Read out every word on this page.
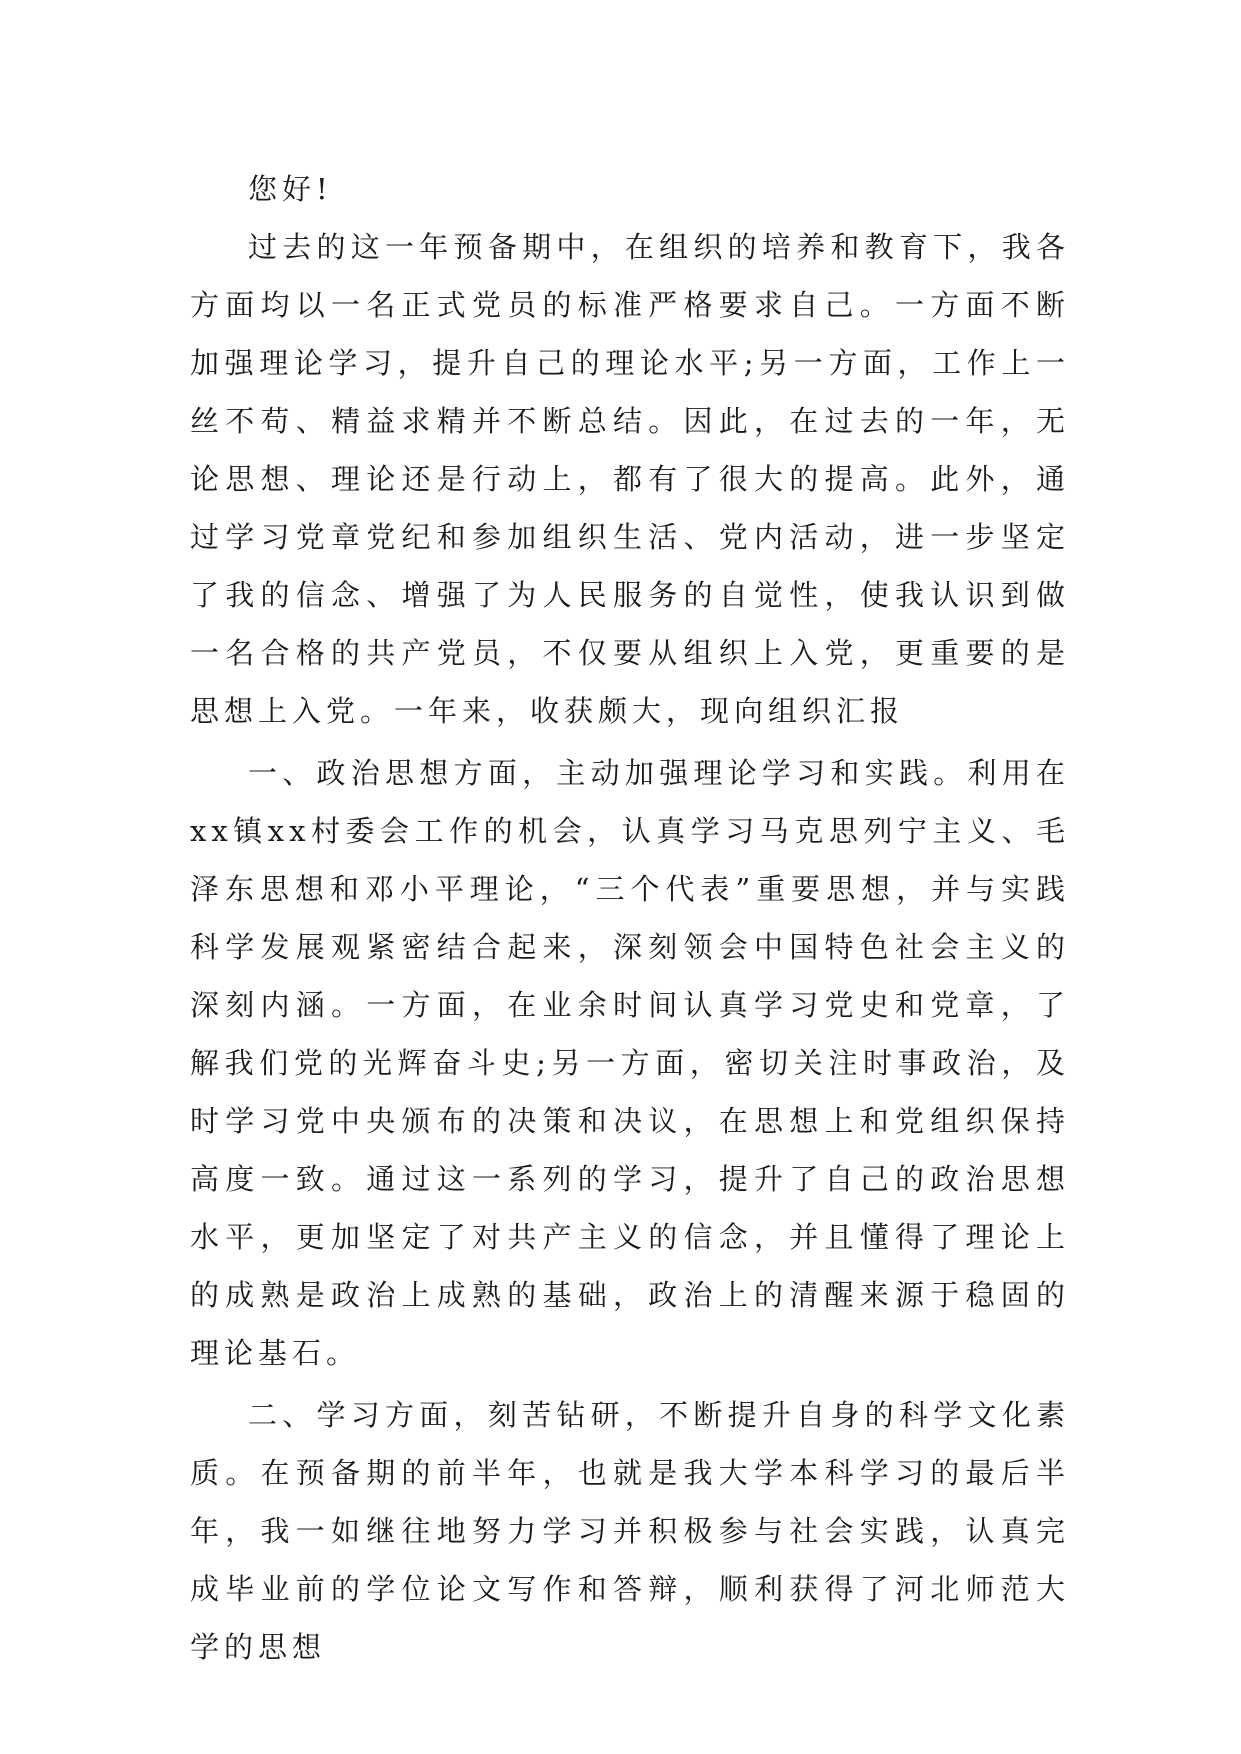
您好!

过去的这一年预备期中，在组织的培养和教育下，我各方面均以一名正式党员的标准严格要求自己。一方面不断加强理论学习，提升自己的理论水平;另一方面，工作上一丝不苟、精益求精并不断总结。因此，在过去的一年，无论思想、理论还是行动上，都有了很大的提高。此外，通过学习党章党纪和参加组织生活、党内活动，进一步坚定了我的信念、增强了为人民服务的自觉性，使我认识到做一名合格的共产党员，不仅要从组织上入党，更重要的是思想上入党。一年来，收获颇大，现向组织汇报

一、政治思想方面，主动加强理论学习和实践。利用在xx镇xx村委会工作的机会，认真学习马克思列宁主义、毛泽东思想和邓小平理论，“三个代表”重要思想，并与实践科学发展观紧密结合起来，深刻领会中国特色社会主义的深刻内涵。一方面，在业余时间认真学习党史和党章，了解我们党的光辉奋斗史;另一方面，密切关注时事政治，及时学习党中央颁布的决策和决议，在思想上和党组织保持高度一致。通过这一系列的学习，提升了自己的政治思想水平，更加坚定了对共产主义的信念，并且懂得了理论上的成熟是政治上成熟的基础，政治上的清醒来源于稳固的理论基石。

二、学习方面，刻苦钻研，不断提升自身的科学文化素质。在预备期的前半年，也就是我大学本科学习的最后半年，我一如继往地努力学习并积极参与社会实践，认真完成毕业前的学位论文写作和答辩，顺利获得了河北师范大学的思想
